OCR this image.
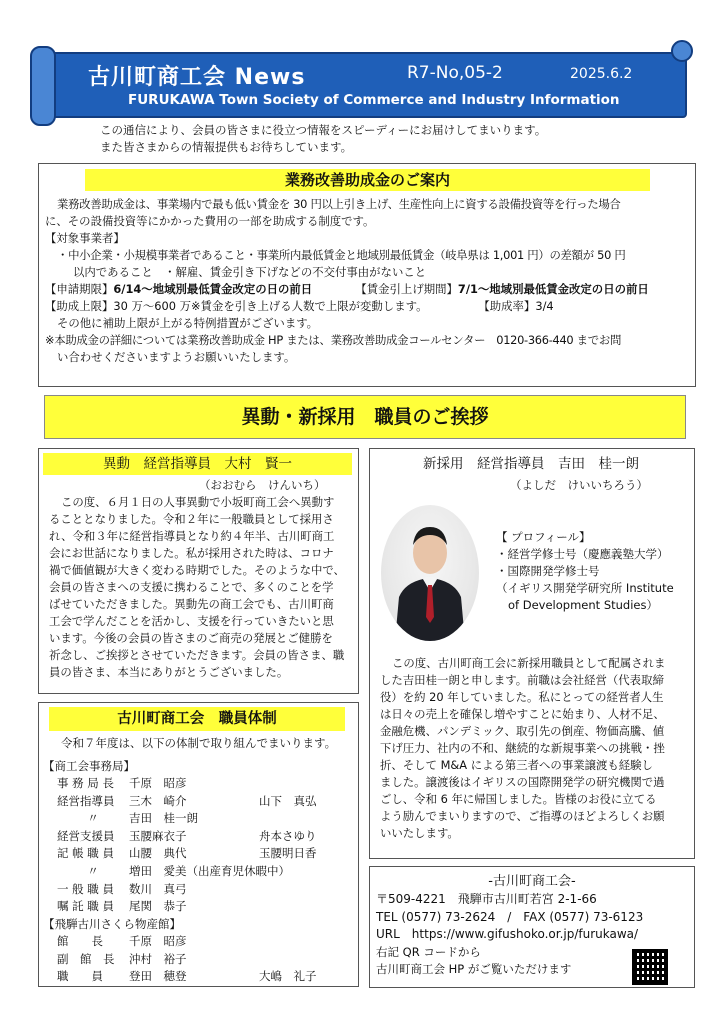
古川町商工会 News	R7-No,05-2	2025.6.2
FURUKAWA Town Society of Commerce and Industry Information
この通信により、会員の皆さまに役立つ情報をスピーディーにお届けしてまいります。
また皆さまからの情報提供もお待ちしています。
業務改善助成金のご案内
業務改善助成金は、事業場内で最も低い賃金を 30 円以上引き上げ、生産性向上に資する設備投資等を行った場合
に、その設備投資等にかかった費用の一部を助成する制度です。
【対象事業者】
・中小企業・小規模事業者であること・事業所内最低賃金と地域別最低賃金（岐阜県は 1,001 円）の差額が 50 円
以内であること　・解雇、賃金引き下げなどの不交付事由がないこと
【申請期限】6/14～地域別最低賃金改定の日の前日	【賃金引上げ期間】7/1～地域別最低賃金改定の日の前日
【助成上限】30 万～600 万※賃金を引き上げる人数で上限が変動します。	【助成率】3/4
その他に補助上限が上がる特例措置がございます。
※本助成金の詳細については業務改善助成金 HP または、業務改善助成金コールセンター　0120-366-440 までお問
い合わせくださいますようお願いいたします。
異動・新採用　職員のご挨拶
異動　経営指導員　大村　賢一
（おおむら　けんいち）
この度、６月１日の人事異動で小坂町商工会へ異動す
ることとなりました。令和２年に一般職員として採用さ
れ、令和３年に経営指導員となり約４年半、古川町商工
会にお世話になりました。私が採用された時は、コロナ
禍で価値観が大きく変わる時期でした。そのような中で、
会員の皆さまへの支援に携わることで、多くのことを学
ばせていただきました。異動先の商工会でも、古川町商
工会で学んだことを活かし、支援を行っていきたいと思
います。今後の会員の皆さまのご商売の発展とご健勝を
祈念し、ご挨拶とさせていただきます。会員の皆さま、職
員の皆さま、本当にありがとうございました。
新採用　経営指導員　吉田　桂一朗
（よしだ　けいいちろう）
【 プロフィール】
・経営学修士号（慶應義塾大学）
・国際開発学修士号
（イギリス開発学研究所 Institute
of Development Studies）
この度、古川町商工会に新採用職員として配属されま
した吉田桂一朗と申します。前職は会社経営（代表取締
役）を約 20 年していました。私にとっての経営者人生
は日々の売上を確保し増やすことに始まり、人材不足、
金融危機、パンデミック、取引先の倒産、物価高騰、値
下げ圧力、社内の不和、継続的な新規事業への挑戦・挫
折、そして M&A による第三者への事業譲渡も経験し
ました。譲渡後はイギリスの国際開発学の研究機関で過
ごし、令和 6 年に帰国しました。皆様のお役に立てる
よう励んでまいりますので、ご指導のほどよろしくお願
いいたします。
古川町商工会　職員体制
令和７年度は、以下の体制で取り組んでまいります。
【商工会事務局】
事 務 局 長	千原　昭彦
経営指導員	三木　崎介	山下　真弘
〃	吉田　桂一朗
経営支援員	玉腰麻衣子	舟本さゆり
記 帳 職 員	山腰　典代	玉腰明日香
〃	増田　愛美（出産育児休暇中）
一 般 職 員	数川　真弓
嘱 託 職 員	尾関　恭子
【飛騨古川さくら物産館】
館　　長	千原　昭彦
副　館　長	沖村　裕子
職　　員	登田　穂登	大嶋　礼子
-古川町商工会-
〒509-4221　飛騨市古川町若宮 2-1-66
TEL (0577) 73-2624　/　FAX (0577) 73-6123
URL　https://www.gifushoko.or.jp/furukawa/
右記 QR コードから
古川町商工会 HP がご覧いただけます
